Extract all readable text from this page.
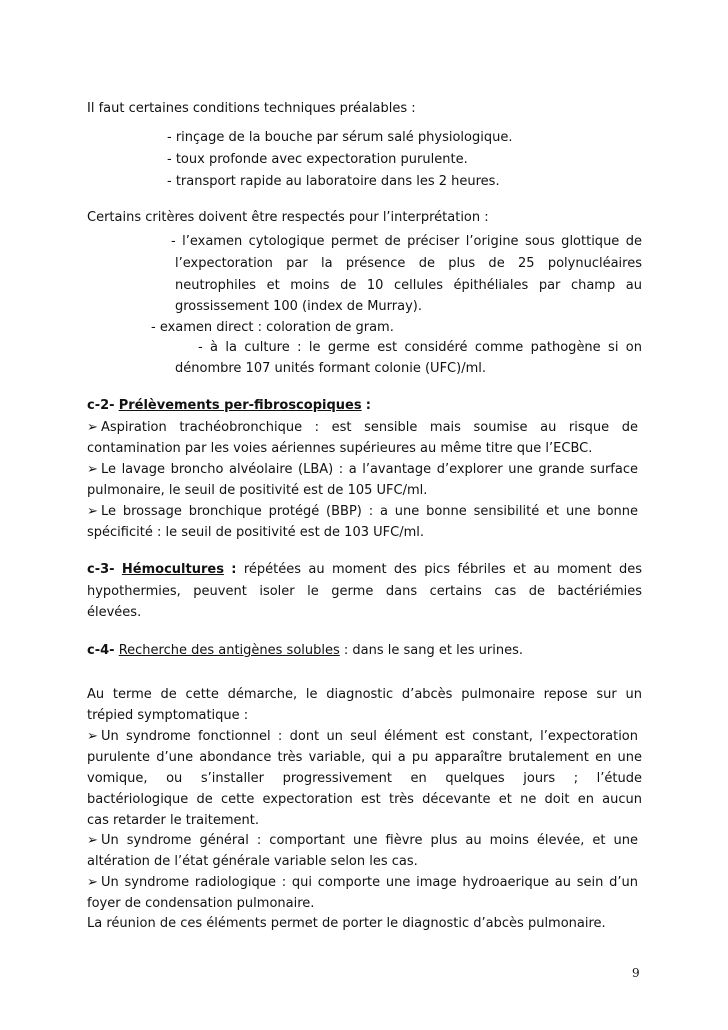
Il faut certaines conditions techniques préalables :
- rinçage de la bouche par sérum salé physiologique.
- toux profonde avec expectoration purulente.
- transport rapide au laboratoire dans les 2 heures.
Certains critères doivent être respectés pour l’interprétation :
- l’examen cytologique permet de préciser l’origine sous glottique de
l’expectoration par la présence de plus de 25 polynucléaires
neutrophiles et moins de 10 cellules épithéliales par champ au
grossissement 100 (index de Murray).
- examen direct : coloration de gram.
- à la culture : le germe est considéré comme pathogène si on
dénombre 107 unités formant colonie (UFC)/ml.
c-2- Prélèvements per-fibroscopiques :
➢ Aspiration trachéobronchique : est sensible mais soumise au risque de
contamination par les voies aériennes supérieures au même titre que l’ECBC.
➢ Le lavage broncho alvéolaire (LBA) : a l’avantage d’explorer une grande surface
pulmonaire, le seuil de positivité est de 105 UFC/ml.
➢ Le brossage bronchique protégé (BBP) : a une bonne sensibilité et une bonne
spécificité : le seuil de positivité est de 103 UFC/ml.
c-3- Hémocultures : répétées au moment des pics fébriles et au moment des
hypothermies, peuvent isoler le germe dans certains cas de bactériémies
élevées.
c-4- Recherche des antigènes solubles : dans le sang et les urines.
Au terme de cette démarche, le diagnostic d’abcès pulmonaire repose sur un
trépied symptomatique :
➢ Un syndrome fonctionnel : dont un seul élément est constant, l’expectoration
purulente d’une abondance très variable, qui a pu apparaître brutalement en une
vomique, ou s’installer progressivement en quelques jours ; l’étude
bactériologique de cette expectoration est très décevante et ne doit en aucun
cas retarder le traitement.
➢ Un syndrome général : comportant une fièvre plus au moins élevée, et une
altération de l’état générale variable selon les cas.
➢ Un syndrome radiologique : qui comporte une image hydroaerique au sein d’un
foyer de condensation pulmonaire.
La réunion de ces éléments permet de porter le diagnostic d’abcès pulmonaire.
9
